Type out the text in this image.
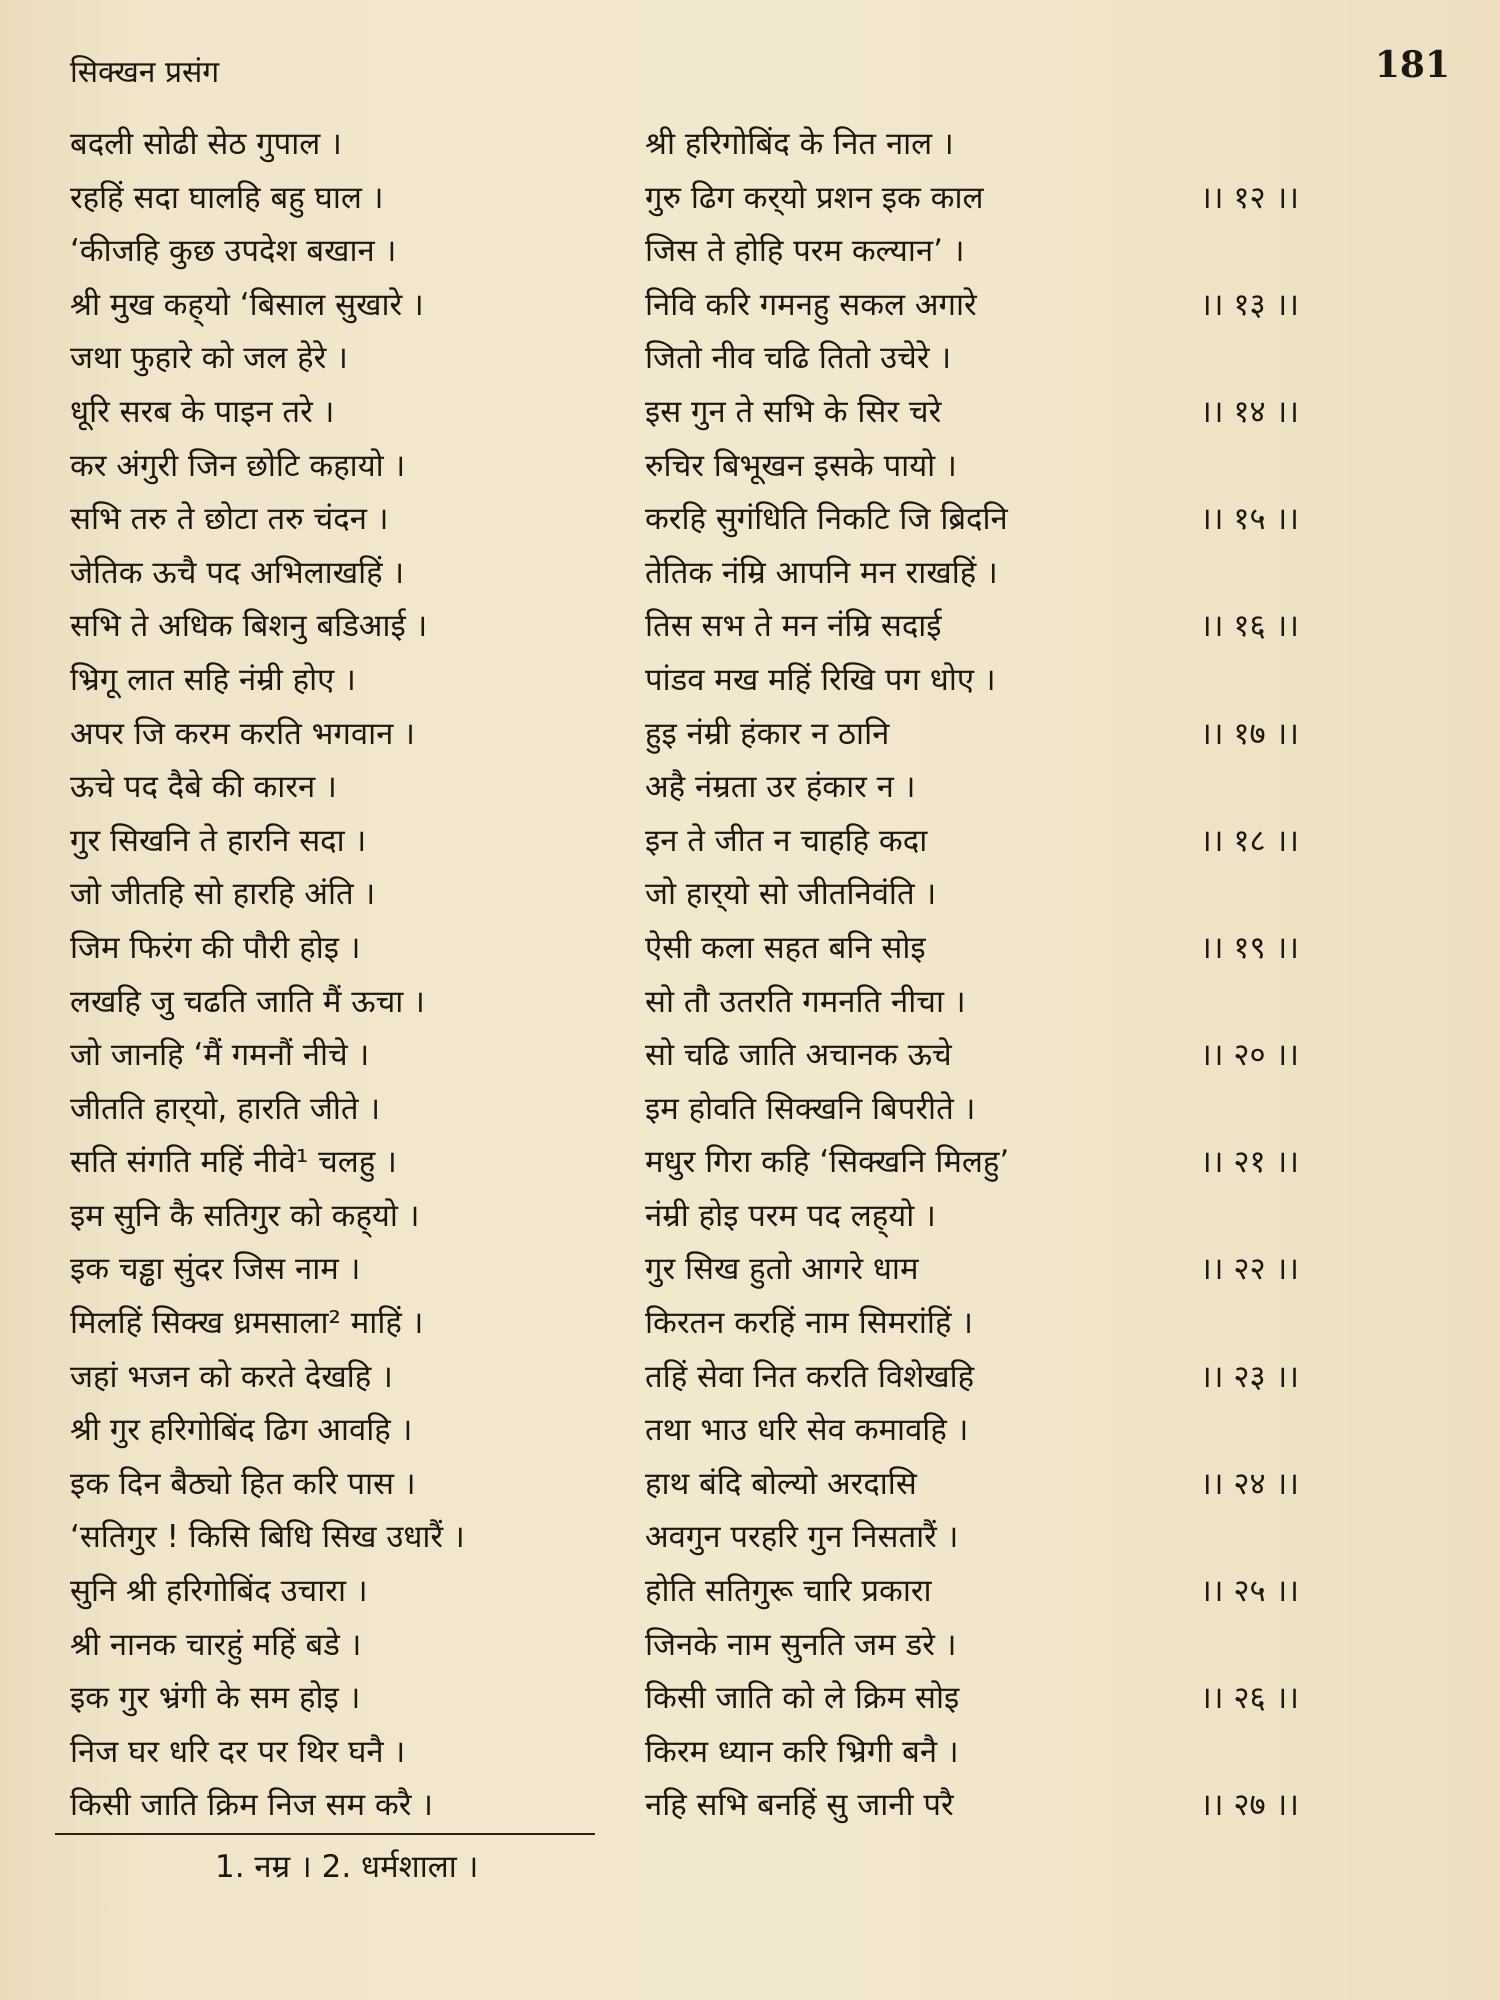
सिक्खन प्रसंग	181
बदली सोढी सेठ गुपाल ।	श्री हरिगोबिंद के नित नाल ।
रहहिं सदा घालहि बहु घाल ।	गुरु ढिग कर्‌यो प्रशन इक काल	।। १२ ।।
‘कीजहि कुछ उपदेश बखान ।	जिस ते होहि परम कल्यान’ ।
श्री मुख कह्‌यो ‘बिसाल सुखारे ।	निवि करि गमनहु सकल अगारे	।। १३ ।।
जथा फुहारे को जल हेरे ।	जितो नीव चढि तितो उचेरे ।
धूरि सरब के पाइन तरे ।	इस गुन ते सभि के सिर चरे	।। १४ ।।
कर अंगुरी जिन छोटि कहायो ।	रुचिर बिभूखन इसके पायो ।
सभि तरु ते छोटा तरु चंदन ।	करहि सुगंधिति निकटि जि ब्रिदनि	।। १५ ।।
जेतिक ऊचै पद अभिलाखहिं ।	तेतिक नंम्रि आपनि मन राखहिं ।
सभि ते अधिक बिशनु बडिआई ।	तिस सभ ते मन नंम्रि सदाई	।। १६ ।।
भ्रिगू लात सहि नंम्री होए ।	पांडव मख महिं रिखि पग धोए ।
अपर जि करम करति भगवान ।	हुइ नंम्री हंकार न ठानि	।। १७ ।।
ऊचे पद दैबे की कारन ।	अहै नंम्रता उर हंकार न ।
गुर सिखनि ते हारनि सदा ।	इन ते जीत न चाहहि कदा	।। १८ ।।
जो जीतहि सो हारहि अंति ।	जो हार्‌यो सो जीतनिवंति ।
जिम फिरंग की पौरी होइ ।	ऐसी कला सहत बनि सोइ	।। १९ ।।
लखहि जु चढति जाति मैं ऊचा ।	सो तौ उतरति गमनति नीचा ।
जो जानहि ‘मैं गमनौं नीचे ।	सो चढि जाति अचानक ऊचे	।। २० ।।
जीतति हार्‌यो, हारति जीते ।	इम होवति सिक्खनि बिपरीते ।
सति संगति महिं नीवे¹ चलहु ।	मधुर गिरा कहि ‘सिक्खनि मिलहु’	।। २१ ।।
इम सुनि कै सतिगुर को कह्‌यो ।	नंम्री होइ परम पद लह्‌यो ।
इक चड्ढा सुंदर जिस नाम ।	गुर सिख हुतो आगरे धाम	।। २२ ।।
मिलहिं सिक्ख ध्रमसाला² माहिं ।	किरतन करहिं नाम सिमरांहिं ।
जहां भजन को करते देखहि ।	तहिं सेवा नित करति विशेखहि	।। २३ ।।
श्री गुर हरिगोबिंद ढिग आवहि ।	तथा भाउ धरि सेव कमावहि ।
इक दिन बैठ्यो हित करि पास ।	हाथ बंदि बोल्यो अरदासि	।। २४ ।।
‘सतिगुर ! किसि बिधि सिख उधारैं ।	अवगुन परहरि गुन निसतारैं ।
सुनि श्री हरिगोबिंद उचारा ।	होति सतिगुरू चारि प्रकारा	।। २५ ।।
श्री नानक चारहुं महिं बडे ।	जिनके नाम सुनति जम डरे ।
इक गुर भ्रंगी के सम होइ ।	किसी जाति को ले क्रिम सोइ	।। २६ ।।
निज घर धरि दर पर थिर घनै ।	किरम ध्यान करि भ्रिगी बनै ।
किसी जाति क्रिम निज सम करै ।	नहि सभि बनहिं सु जानी परै	।। २७ ।।
1. नम्र । 2. धर्मशाला ।
